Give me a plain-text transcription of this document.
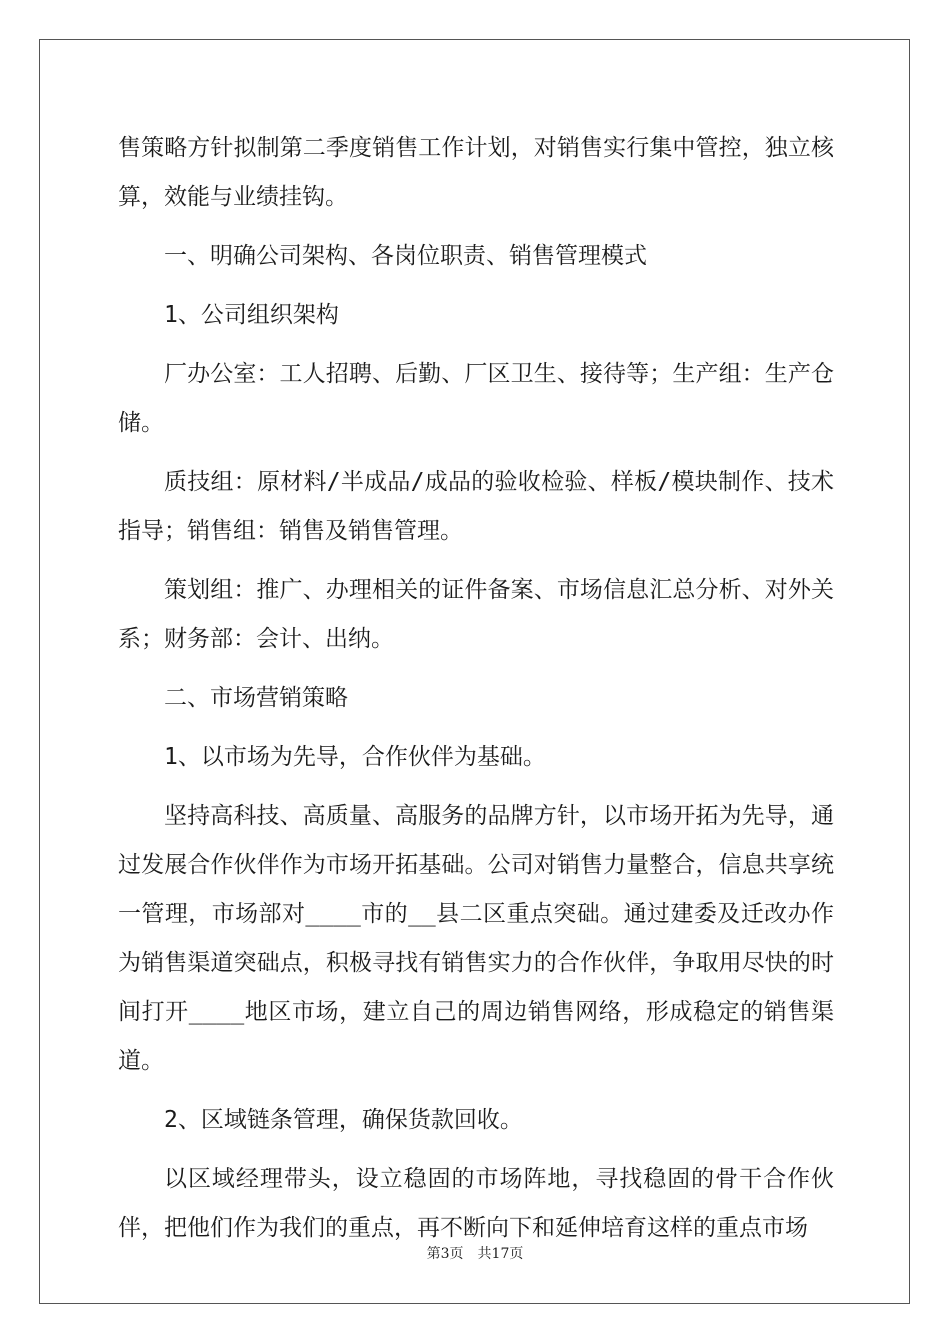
售策略方针拟制第二季度销售工作计划，对销售实行集中管控，独立核算，效能与业绩挂钩。

一、明确公司架构、各岗位职责、销售管理模式

1、公司组织架构

厂办公室：工人招聘、后勤、厂区卫生、接待等；生产组：生产仓储。

质技组：原材料/半成品/成品的验收检验、样板/模块制作、技术指导；销售组：销售及销售管理。

策划组：推广、办理相关的证件备案、市场信息汇总分析、对外关系；财务部：会计、出纳。

二、市场营销策略

1、以市场为先导，合作伙伴为基础。

坚持高科技、高质量、高服务的品牌方针，以市场开拓为先导，通过发展合作伙伴作为市场开拓基础。公司对销售力量整合，信息共享统一管理，市场部对____市的__县二区重点突础。通过建委及迁改办作为销售渠道突础点，积极寻找有销售实力的合作伙伴，争取用尽快的时间打开____地区市场，建立自己的周边销售网络，形成稳定的销售渠道。

2、区域链条管理，确保货款回收。

以区域经理带头，设立稳固的市场阵地，寻找稳固的骨干合作伙伴，把他们作为我们的重点，再不断向下和延伸培育这样的重点市场

第3页 共17页
